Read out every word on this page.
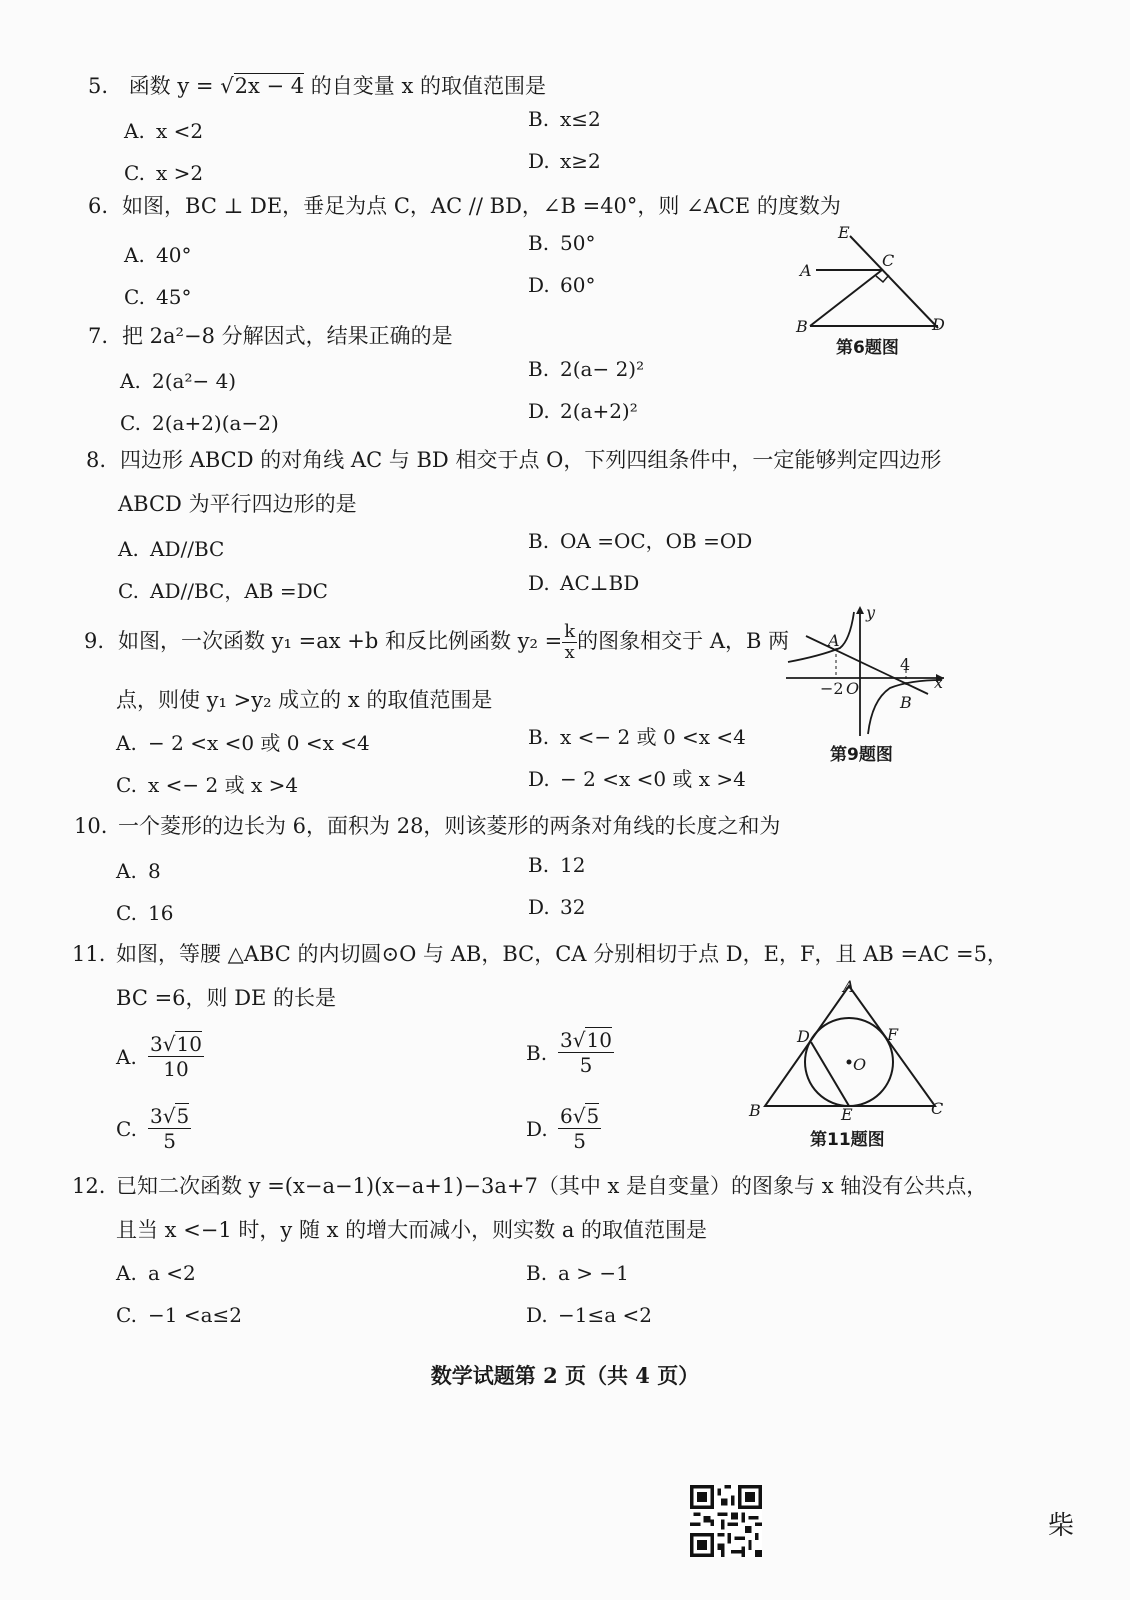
5. 函数 y = √2x − 4 的自变量 x 的取值范围是
A. x <2	B. x≤2
C. x >2	D. x≥2
6. 如图，BC ⊥ DE，垂足为点 C，AC // BD，∠B =40°，则 ∠ACE 的度数为
A. 40°	B. 50°
C. 45°	D. 60°
E
C
A
B	D
第6题图
7. 把 2a²−8 分解因式，结果正确的是
A. 2(a²− 4)	B. 2(a− 2)²
C. 2(a+2)(a−2)	D. 2(a+2)²
8. 四边形 ABCD 的对角线 AC 与 BD 相交于点 O，下列四组条件中，一定能够判定四边形
ABCD 为平行四边形的是
A. AD//BC	B. OA =OC，OB =OD
C. AD//BC，AB =DC	D. AC⊥BD
9. 如图，一次函数 y₁ =ax +b 和反比例函数 $y_2 = \frac{k}{x}$ 的图象相交于 A，B 两
点，则使 y₁ >y₂ 成立的 x 的取值范围是
A. − 2 <x <0 或 0 <x <4	B. x <− 2 或 0 <x <4
C. x <− 2 或 x >4	D. − 2 <x <0 或 x >4
A
y
x
4
−2 O
B
第9题图
10. 一个菱形的边长为 6，面积为 28，则该菱形的两条对角线的长度之和为
A. 8	B. 12
C. 16	D. 32
11. 如图，等腰 △ABC 的内切圆⊙O 与 AB，BC，CA 分别相切于点 D，E，F，且 AB =AC =5，
BC =6，则 DE 的长是
A. $\frac{3√10}{10}$	B. $\frac{3√10}{5}$
C. $\frac{3√5}{5}$	D. $\frac{6√5}{5}$
A
B	C
D
E
F
O
第11题图
12. 已知二次函数 y =(x−a−1)(x−a+1)−3a+7（其中 x 是自变量）的图象与 x 轴没有公共点，
且当 x <−1 时，y 随 x 的增大而减小，则实数 a 的取值范围是
A. a <2	B. a > −1
C. −1 <a≤2	D. −1≤a <2
数学试题第 2 页（共 4 页）
柴
